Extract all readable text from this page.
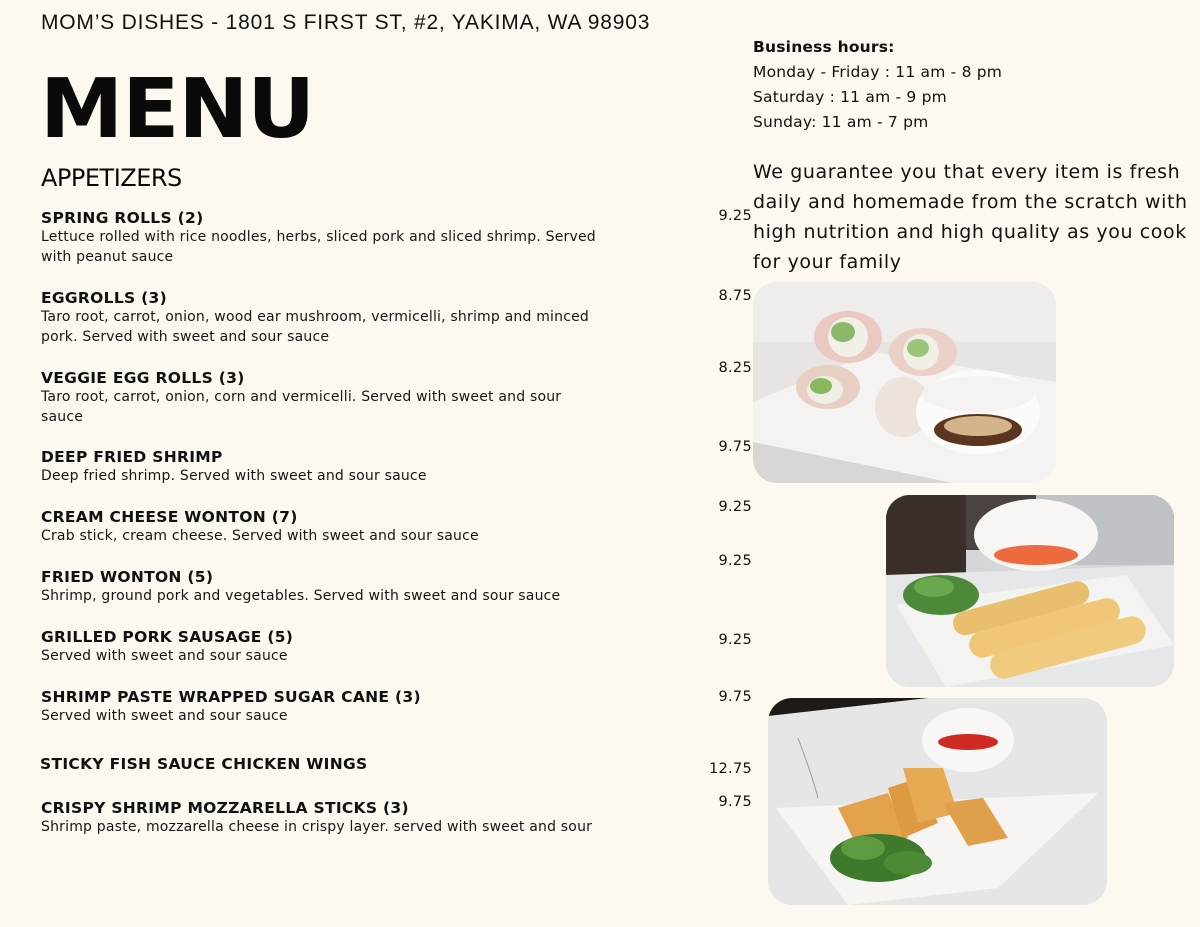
MOM’S DISHES - 1801 S FIRST ST, #2, YAKIMA, WA 98903
MENU
APPETIZERS
SPRING ROLLS (2)
Lettuce rolled with rice noodles, herbs, sliced pork and sliced shrimp. Served with peanut sauce
9.25
EGGROLLS (3)
Taro root, carrot, onion, wood ear mushroom, vermicelli, shrimp and minced pork. Served with sweet and sour sauce
8.75
VEGGIE EGG ROLLS (3)
Taro root, carrot, onion, corn and vermicelli. Served with sweet and sour sauce
8.25
DEEP FRIED SHRIMP
Deep fried shrimp. Served with sweet and sour sauce
9.75
CREAM CHEESE WONTON (7)
Crab stick, cream cheese. Served with sweet and sour sauce
9.25
FRIED WONTON (5)
Shrimp, ground pork and vegetables. Served with sweet and sour sauce
9.25
GRILLED PORK SAUSAGE (5)
Served with sweet and sour sauce
9.25
SHRIMP PASTE WRAPPED SUGAR CANE (3)
Served with sweet and sour sauce
9.75
STICKY FISH SAUCE CHICKEN WINGS	12.75
CRISPY SHRIMP MOZZARELLA STICKS (3)
Shrimp paste, mozzarella cheese in crispy layer. served with sweet and sour
9.75
Business hours:
Monday - Friday : 11 am - 8 pm
Saturday : 11 am - 9 pm
Sunday: 11 am - 7 pm
We guarantee you that every item is fresh daily and homemade from the scratch with high nutrition and high quality as you cook for your family
